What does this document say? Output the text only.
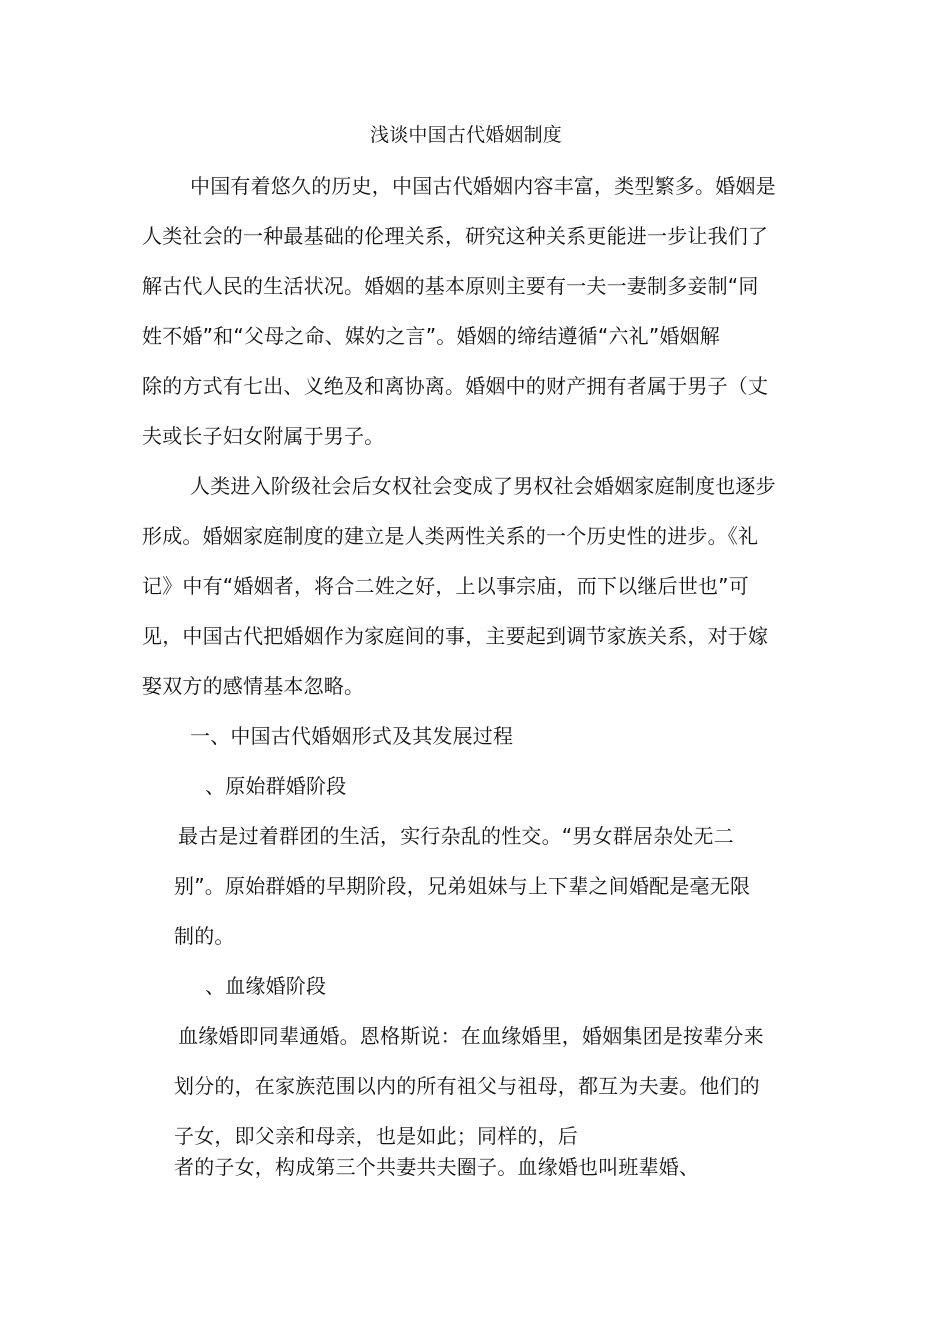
浅谈中国古代婚姻制度
中国有着悠久的历史，中国古代婚姻内容丰富，类型繁多。婚姻是
人类社会的一种最基础的伦理关系，研究这种关系更能进一步让我们了
解古代人民的生活状况。婚姻的基本原则主要有一夫一妻制多妾制“同
姓不婚”和“父母之命、媒妁之言”。婚姻的缔结遵循“六礼”婚姻解
除的方式有七出、义绝及和离协离。婚姻中的财产拥有者属于男子（丈
夫或长子妇女附属于男子。
人类进入阶级社会后女权社会变成了男权社会婚姻家庭制度也逐步
形成。婚姻家庭制度的建立是人类两性关系的一个历史性的进步。《礼
记》中有“婚姻者，将合二姓之好，上以事宗庙，而下以继后世也”可
见，中国古代把婚姻作为家庭间的事，主要起到调节家族关系，对于嫁
娶双方的感情基本忽略。
一、中国古代婚姻形式及其发展过程
、原始群婚阶段
最古是过着群团的生活，实行杂乱的性交。“男女群居杂处无二
别”。原始群婚的早期阶段，兄弟姐妹与上下辈之间婚配是毫无限
制的。
、血缘婚阶段
血缘婚即同辈通婚。恩格斯说：在血缘婚里，婚姻集团是按辈分来
划分的，在家族范围以内的所有祖父与祖母，都互为夫妻。他们的
子女，即父亲和母亲，也是如此；同样的，后
者的子女，构成第三个共妻共夫圈子。血缘婚也叫班辈婚、
